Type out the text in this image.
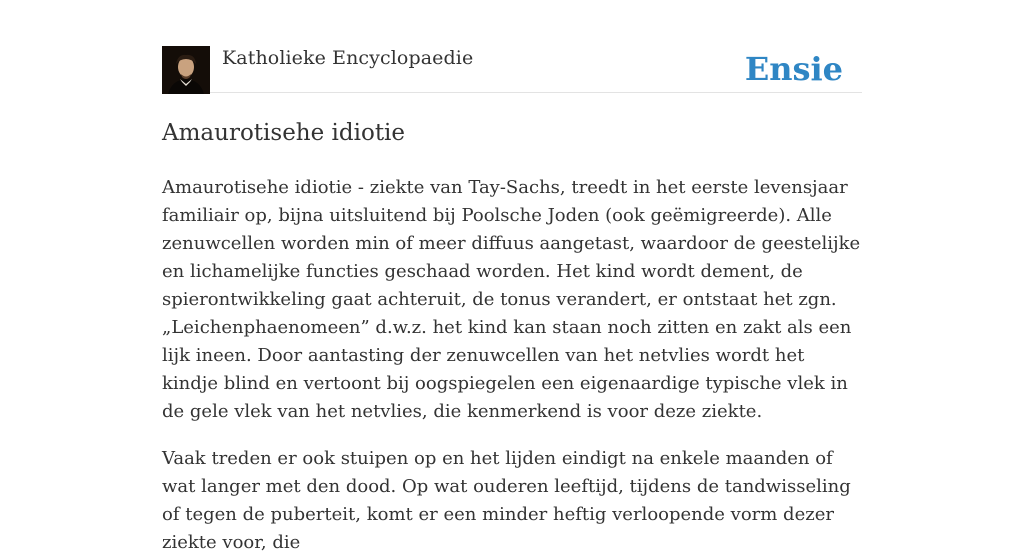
Katholieke Encyclopaedie	Ensie
Amaurotisehe idiotie

Amaurotisehe idiotie - ziekte van Tay-Sachs, treedt in het eerste levensjaar familiair op, bijna uitsluitend bij Poolsche Joden (ook geëmigreerde). Alle zenuwcellen worden min of meer diffuus aangetast, waardoor de geestelijke en lichamelijke functies geschaad worden. Het kind wordt dement, de spierontwikkeling gaat achteruit, de tonus verandert, er ontstaat het zgn. „Leichenphaenomeen” d.w.z. het kind kan staan noch zitten en zakt als een lijk ineen. Door aantasting der zenuwcellen van het netvlies wordt het kindje blind en vertoont bij oogspiegelen een eigenaardige typische vlek in de gele vlek van het netvlies, die kenmerkend is voor deze ziekte.

Vaak treden er ook stuipen op en het lijden eindigt na enkele maanden of wat langer met den dood. Op wat ouderen leeftijd, tijdens de tandwisseling of tegen de puberteit, komt er een minder heftig verloopende vorm dezer ziekte voor, die
